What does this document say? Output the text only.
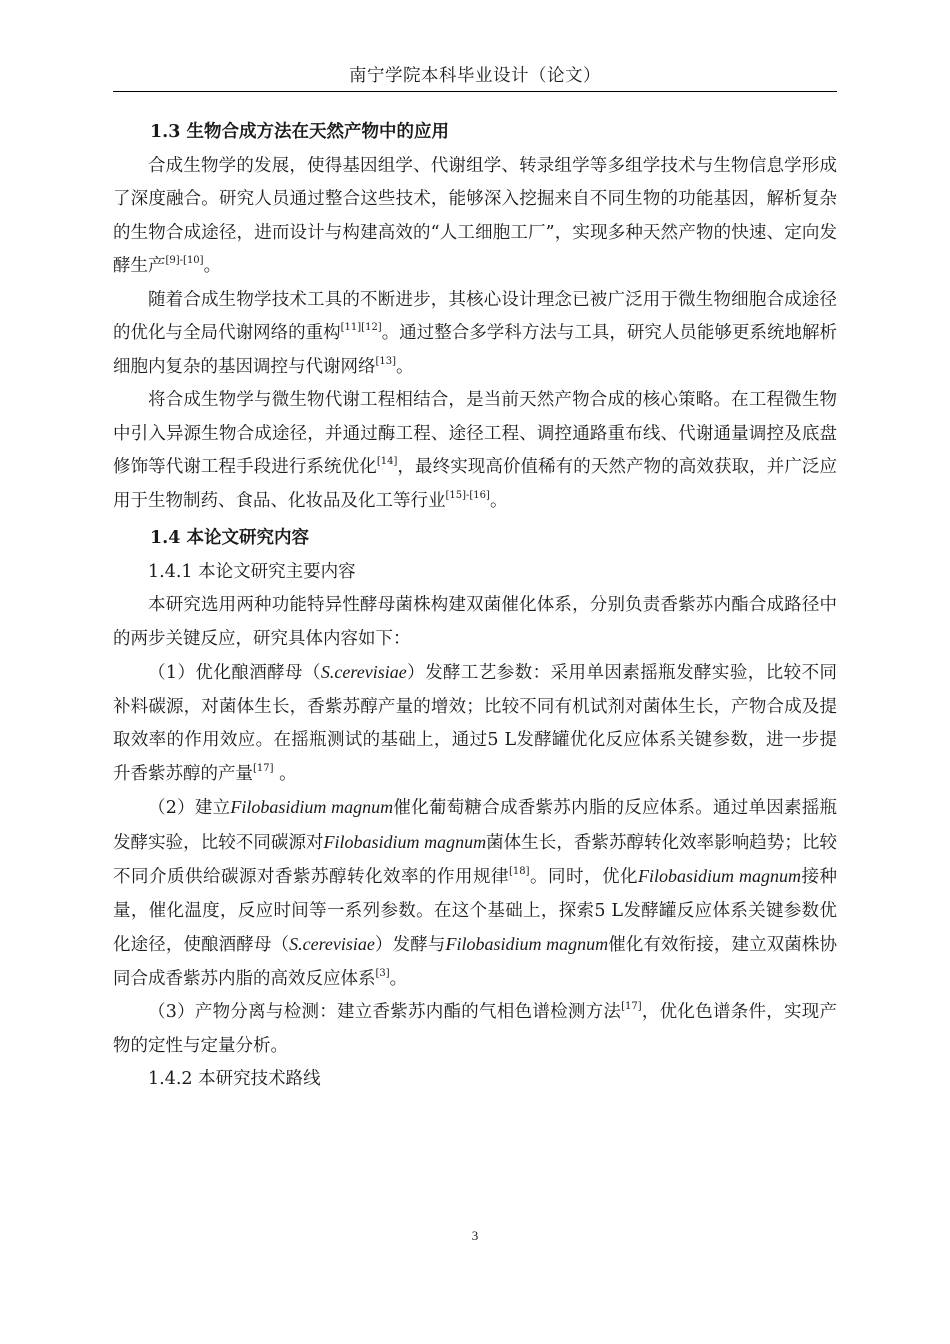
南宁学院本科毕业设计（论文）
1.3 生物合成方法在天然产物中的应用

合成生物学的发展，使得基因组学、代谢组学、转录组学等多组学技术与生物信息学形成了深度融合。研究人员通过整合这些技术，能够深入挖掘来自不同生物的功能基因，解析复杂的生物合成途径，进而设计与构建高效的“人工细胞工厂”，实现多种天然产物的快速、定向发酵生产[9]-[10]。

随着合成生物学技术工具的不断进步，其核心设计理念已被广泛用于微生物细胞合成途径的优化与全局代谢网络的重构[11][12]。通过整合多学科方法与工具，研究人员能够更系统地解析细胞内复杂的基因调控与代谢网络[13]。

将合成生物学与微生物代谢工程相结合，是当前天然产物合成的核心策略。在工程微生物中引入异源生物合成途径，并通过酶工程、途径工程、调控通路重布线、代谢通量调控及底盘修饰等代谢工程手段进行系统优化[14]，最终实现高价值稀有的天然产物的高效获取，并广泛应用于生物制药、食品、化妆品及化工等行业[15]-[16]。

1.4 本论文研究内容
1.4.1 本论文研究主要内容

本研究选用两种功能特异性酵母菌株构建双菌催化体系，分别负责香紫苏内酯合成路径中的两步关键反应，研究具体内容如下：

（1）优化酿酒酵母（S.cerevisiae）发酵工艺参数：采用单因素摇瓶发酵实验，比较不同补料碳源，对菌体生长，香紫苏醇产量的增效；比较不同有机试剂对菌体生长，产物合成及提取效率的作用效应。在摇瓶测试的基础上，通过5 L发酵罐优化反应体系关键参数，进一步提升香紫苏醇的产量[17] 。

（2）建立Filobasidium magnum催化葡萄糖合成香紫苏内脂的反应体系。通过单因素摇瓶发酵实验，比较不同碳源对Filobasidium magnum菌体生长，香紫苏醇转化效率影响趋势；比较不同介质供给碳源对香紫苏醇转化效率的作用规律[18]。同时，优化Filobasidium magnum接种量，催化温度，反应时间等一系列参数。在这个基础上，探索5 L发酵罐反应体系关键参数优化途径，使酿酒酵母（S.cerevisiae）发酵与Filobasidium magnum催化有效衔接，建立双菌株协同合成香紫苏内脂的高效反应体系[3]。

（3）产物分离与检测：建立香紫苏内酯的气相色谱检测方法[17]，优化色谱条件，实现产物的定性与定量分析。

1.4.2 本研究技术路线
3
